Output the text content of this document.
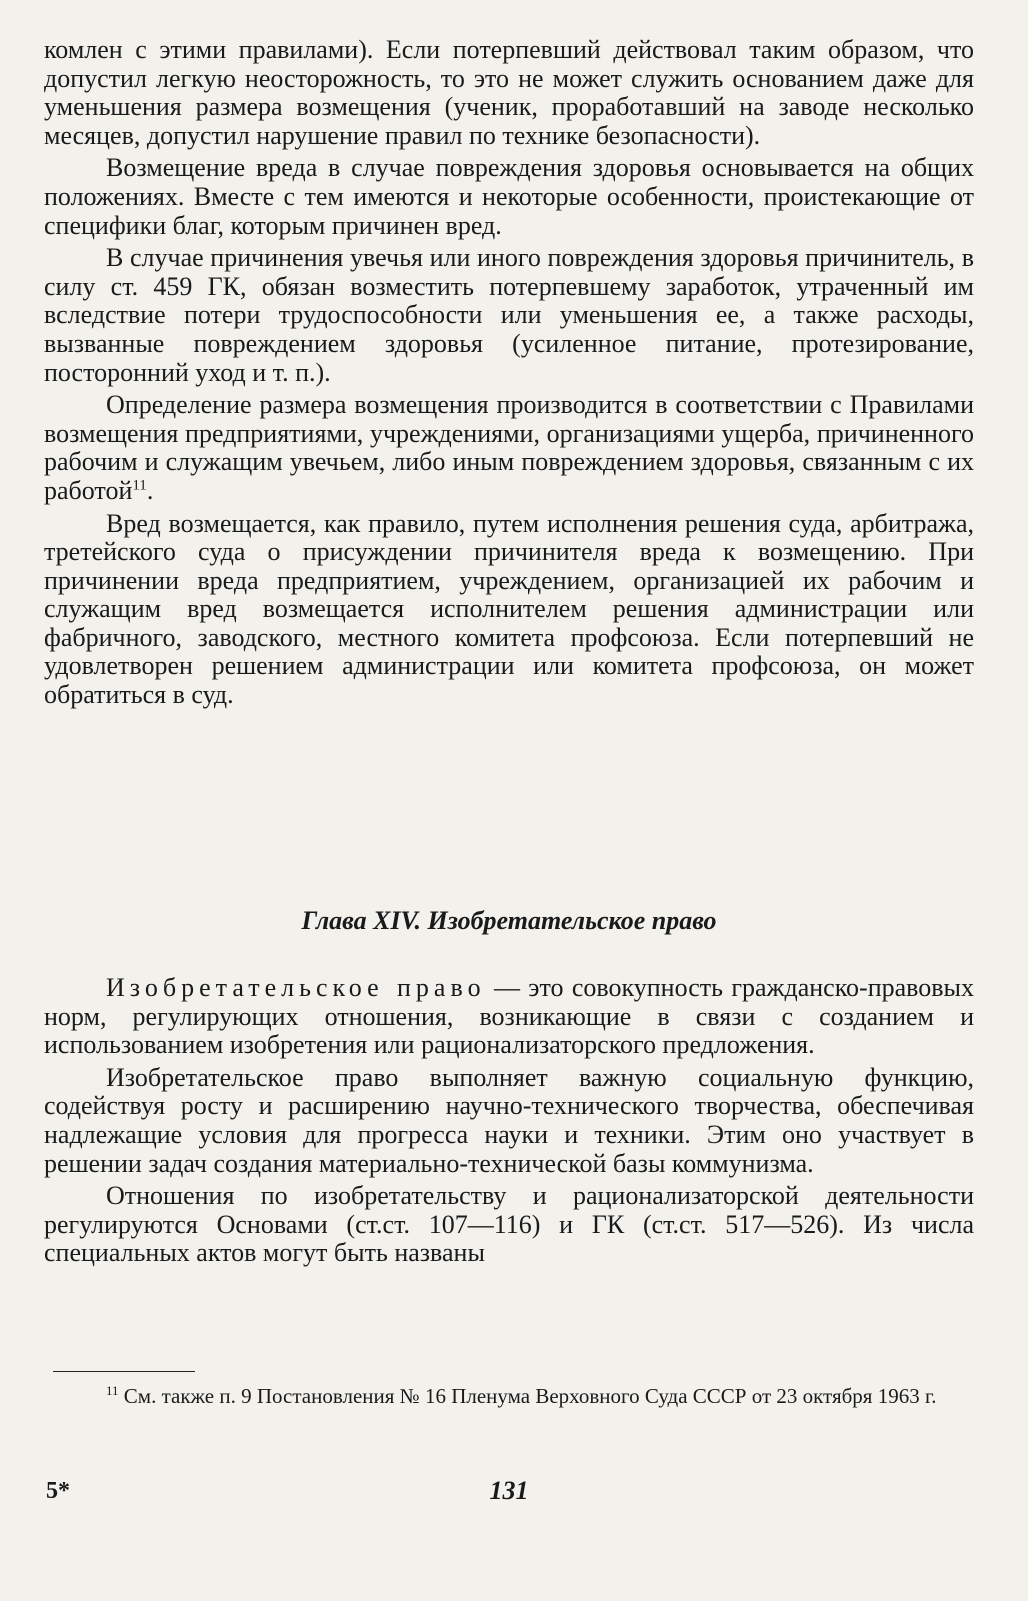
комлен с этими правилами). Если потерпевший действовал таким образом, что допустил легкую неосторожность, то это не может служить основанием даже для уменьшения размера возмещения (ученик, проработавший на заводе несколько месяцев, допустил нарушение правил по технике безопасности).

Возмещение вреда в случае повреждения здоровья основывается на общих положениях. Вместе с тем имеются и некоторые особенности, проистекающие от специфики благ, которым причинен вред.

В случае причинения увечья или иного повреждения здоровья причинитель, в силу ст. 459 ГК, обязан возместить потерпевшему заработок, утраченный им вследствие потери трудоспособности или уменьшения ее, а также расходы, вызванные повреждением здоровья (усиленное питание, протезирование, посторонний уход и т. п.).

Определение размера возмещения производится в соответствии с Правилами возмещения предприятиями, учреждениями, организациями ущерба, причиненного рабочим и служащим увечьем, либо иным повреждением здоровья, связанным с их работой$^{11}$.

Вред возмещается, как правило, путем исполнения решения суда, арбитража, третейского суда о присуждении причинителя вреда к возмещению. При причинении вреда предприятием, учреждением, организацией их рабочим и служащим вред возмещается исполнителем решения администрации или фабричного, заводского, местного комитета профсоюза. Если потерпевший не удовлетворен решением администрации или комитета профсоюза, он может обратиться в суд.

Глава XIV. Изобретательское право

Изобретательское право — это совокупность гражданско-правовых норм, регулирующих отношения, возникающие в связи с созданием и использованием изобретения или рационализаторского предложения.

Изобретательское право выполняет важную социальную функцию, содействуя росту и расширению научно-технического творчества, обеспечивая надлежащие условия для прогресса науки и техники. Этим оно участвует в решении задач создания материально-технической базы коммунизма.

Отношения по изобретательству и рационализаторской деятельности регулируются Основами (ст.ст. 107—116) и ГК (ст.ст. 517—526). Из числа специальных актов могут быть названы

$^{11}$ См. также п. 9 Постановления № 16 Пленума Верховного Суда СССР от 23 октября 1963 г.

5*	131
